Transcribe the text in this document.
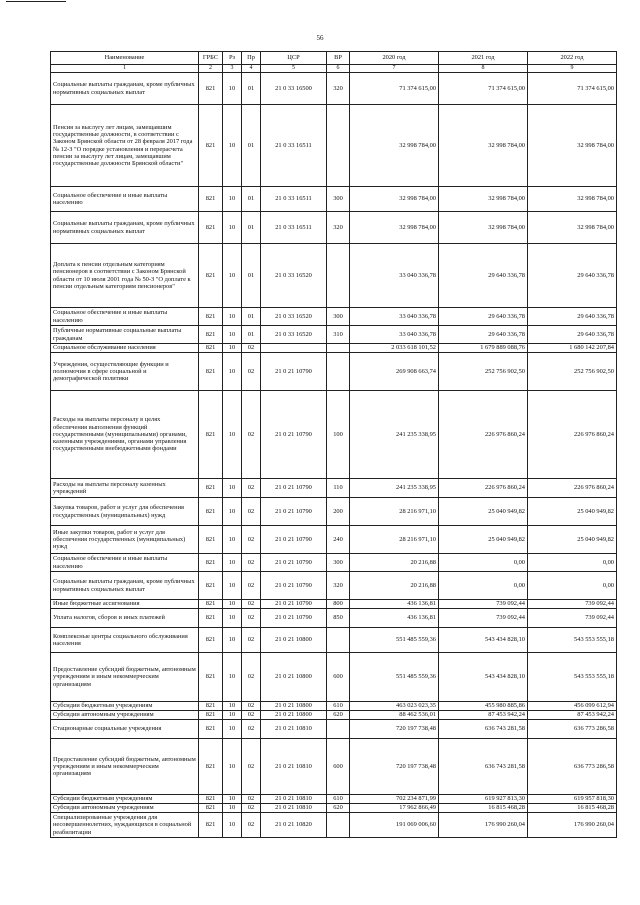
56
Наименование	ГРБС	Рз	Пр	ЦСР	ВР	2020 год	2021 год	2022 год
1	2	3	4	5	6	7	8	9
Социальные выплаты гражданам, кроме публичных нормативных социальных выплат	821	10	01	21 0 33 16500	320	71 374 615,00	71 374 615,00	71 374 615,00
Пенсия за выслугу лет лицам, замещавшим государственные должности, в соответствии с Законом Брянской области от 28 февраля 2017 года № 12-З "О порядке установления и перерасчета пенсии за выслугу лет лицам, замещавшим государственные должности Брянской области"	821	10	01	21 0 33 16511		32 998 784,00	32 998 784,00	32 998 784,00
Социальное обеспечение и иные выплаты населению	821	10	01	21 0 33 16511	300	32 998 784,00	32 998 784,00	32 998 784,00
Социальные выплаты гражданам, кроме публичных нормативных социальных выплат	821	10	01	21 0 33 16511	320	32 998 784,00	32 998 784,00	32 998 784,00
Доплата к пенсии отдельным категориям пенсионеров в соответствии с Законом Брянской области от 10 июля 2001 года № 50-З "О доплате к пенсии отдельным категориям пенсионеров"	821	10	01	21 0 33 16520		33 040 336,78	29 640 336,78	29 640 336,78
Социальное обеспечение и иные выплаты населению	821	10	01	21 0 33 16520	300	33 040 336,78	29 640 336,78	29 640 336,78
Публичные нормативные социальные выплаты гражданам	821	10	01	21 0 33 16520	310	33 040 336,78	29 640 336,78	29 640 336,78
Социальное обслуживание населения	821	10	02			2 033 618 101,52	1 679 889 088,76	1 680 142 207,84
Учреждения, осуществляющие функции и полномочия в сфере социальной и демографической политики	821	10	02	21 0 21 10790		269 908 663,74	252 756 902,50	252 756 902,50
Расходы на выплаты персоналу в целях обеспечения выполнения функций государственными (муниципальными) органами, казенными учреждениями, органами управления государственными внебюджетными фондами	821	10	02	21 0 21 10790	100	241 235 338,95	226 976 860,24	226 976 860,24
Расходы на выплаты персоналу казенных учреждений	821	10	02	21 0 21 10790	110	241 235 338,95	226 976 860,24	226 976 860,24
Закупка товаров, работ и услуг для обеспечения государственных (муниципальных) нужд	821	10	02	21 0 21 10790	200	28 216 971,10	25 040 949,82	25 040 949,82
Иные закупки товаров, работ и услуг для обеспечения государственных (муниципальных) нужд	821	10	02	21 0 21 10790	240	28 216 971,10	25 040 949,82	25 040 949,82
Социальное обеспечение и иные выплаты населению	821	10	02	21 0 21 10790	300	20 216,88	0,00	0,00
Социальные выплаты гражданам, кроме публичных нормативных социальных выплат	821	10	02	21 0 21 10790	320	20 216,88	0,00	0,00
Иные бюджетные ассигнования	821	10	02	21 0 21 10790	800	436 136,81	739 092,44	739 092,44
Уплата налогов, сборов и иных платежей	821	10	02	21 0 21 10790	850	436 136,81	739 092,44	739 092,44
Комплексные центры социального обслуживания населения	821	10	02	21 0 21 10800		551 485 559,36	543 434 828,10	543 553 555,18
Предоставление субсидий бюджетным, автономным учреждениям и иным некоммерческим организациям	821	10	02	21 0 21 10800	600	551 485 559,36	543 434 828,10	543 553 555,18
Субсидии бюджетным учреждениям	821	10	02	21 0 21 10800	610	463 023 023,35	455 980 885,86	456 099 612,94
Субсидии автономным учреждениям	821	10	02	21 0 21 10800	620	88 462 536,01	87 453 942,24	87 453 942,24
Стационарные социальные учреждения	821	10	02	21 0 21 10810		720 197 738,48	636 743 281,58	636 773 286,58
Предоставление субсидий бюджетным, автономным учреждениям и иным некоммерческим организациям	821	10	02	21 0 21 10810	600	720 197 738,48	636 743 281,58	636 773 286,58
Субсидии бюджетным учреждениям	821	10	02	21 0 21 10810	610	702 234 871,99	619 927 813,30	619 957 818,30
Субсидии автономным учреждениям	821	10	02	21 0 21 10810	620	17 962 866,49	16 815 468,28	16 815 468,28
Специализированные учреждения для несовершеннолетних, нуждающихся в социальной реабилитации	821	10	02	21 0 21 10820		191 069 006,60	176 990 260,04	176 990 260,04
